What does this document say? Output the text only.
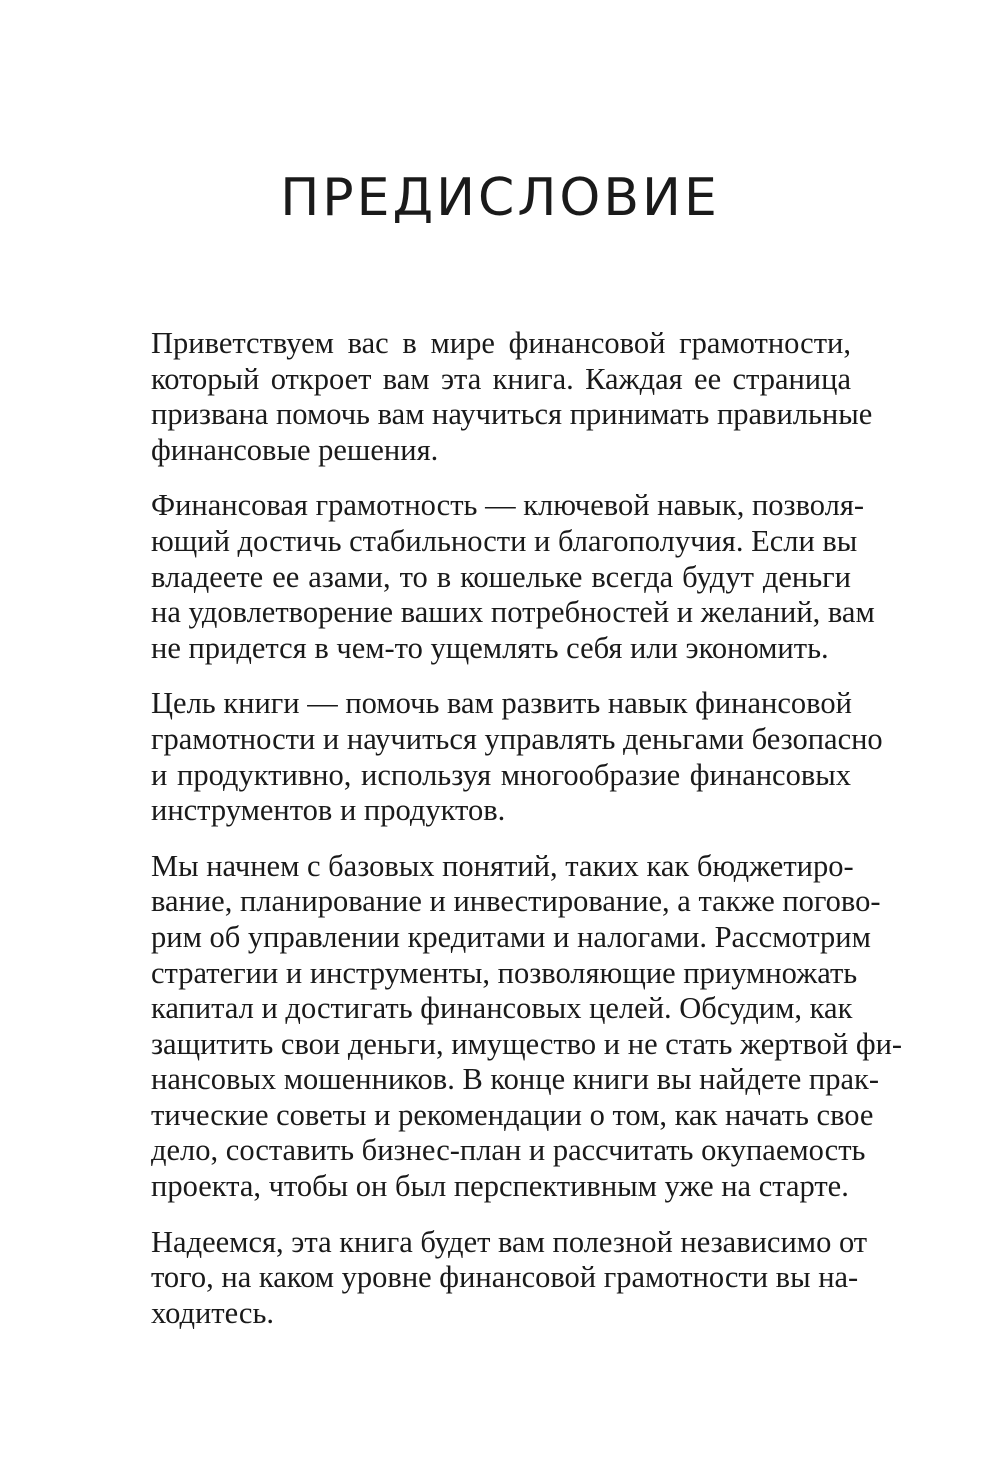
ПРЕДИСЛОВИЕ

Приветствуем вас в мире финансовой грамотности,
который откроет вам эта книга. Каждая ее страница
призвана помочь вам научиться принимать правильные
финансовые решения.

Финансовая грамотность — ключевой навык, позволя-
ющий достичь стабильности и благополучия. Если вы
владеете ее азами, то в кошельке всегда будут деньги
на удовлетворение ваших потребностей и желаний, вам
не придется в чем-то ущемлять себя или экономить.

Цель книги — помочь вам развить навык финансовой
грамотности и научиться управлять деньгами безопасно
и продуктивно, используя многообразие финансовых
инструментов и продуктов.

Мы начнем с базовых понятий, таких как бюджетиро-
вание, планирование и инвестирование, а также погово-
рим об управлении кредитами и налогами. Рассмотрим
стратегии и инструменты, позволяющие приумножать
капитал и достигать финансовых целей. Обсудим, как
защитить свои деньги, имущество и не стать жертвой фи-
нансовых мошенников. В конце книги вы найдете прак-
тические советы и рекомендации о том, как начать свое
дело, составить бизнес-план и рассчитать окупаемость
проекта, чтобы он был перспективным уже на старте.

Надеемся, эта книга будет вам полезной независимо от
того, на каком уровне финансовой грамотности вы на-
ходитесь.
